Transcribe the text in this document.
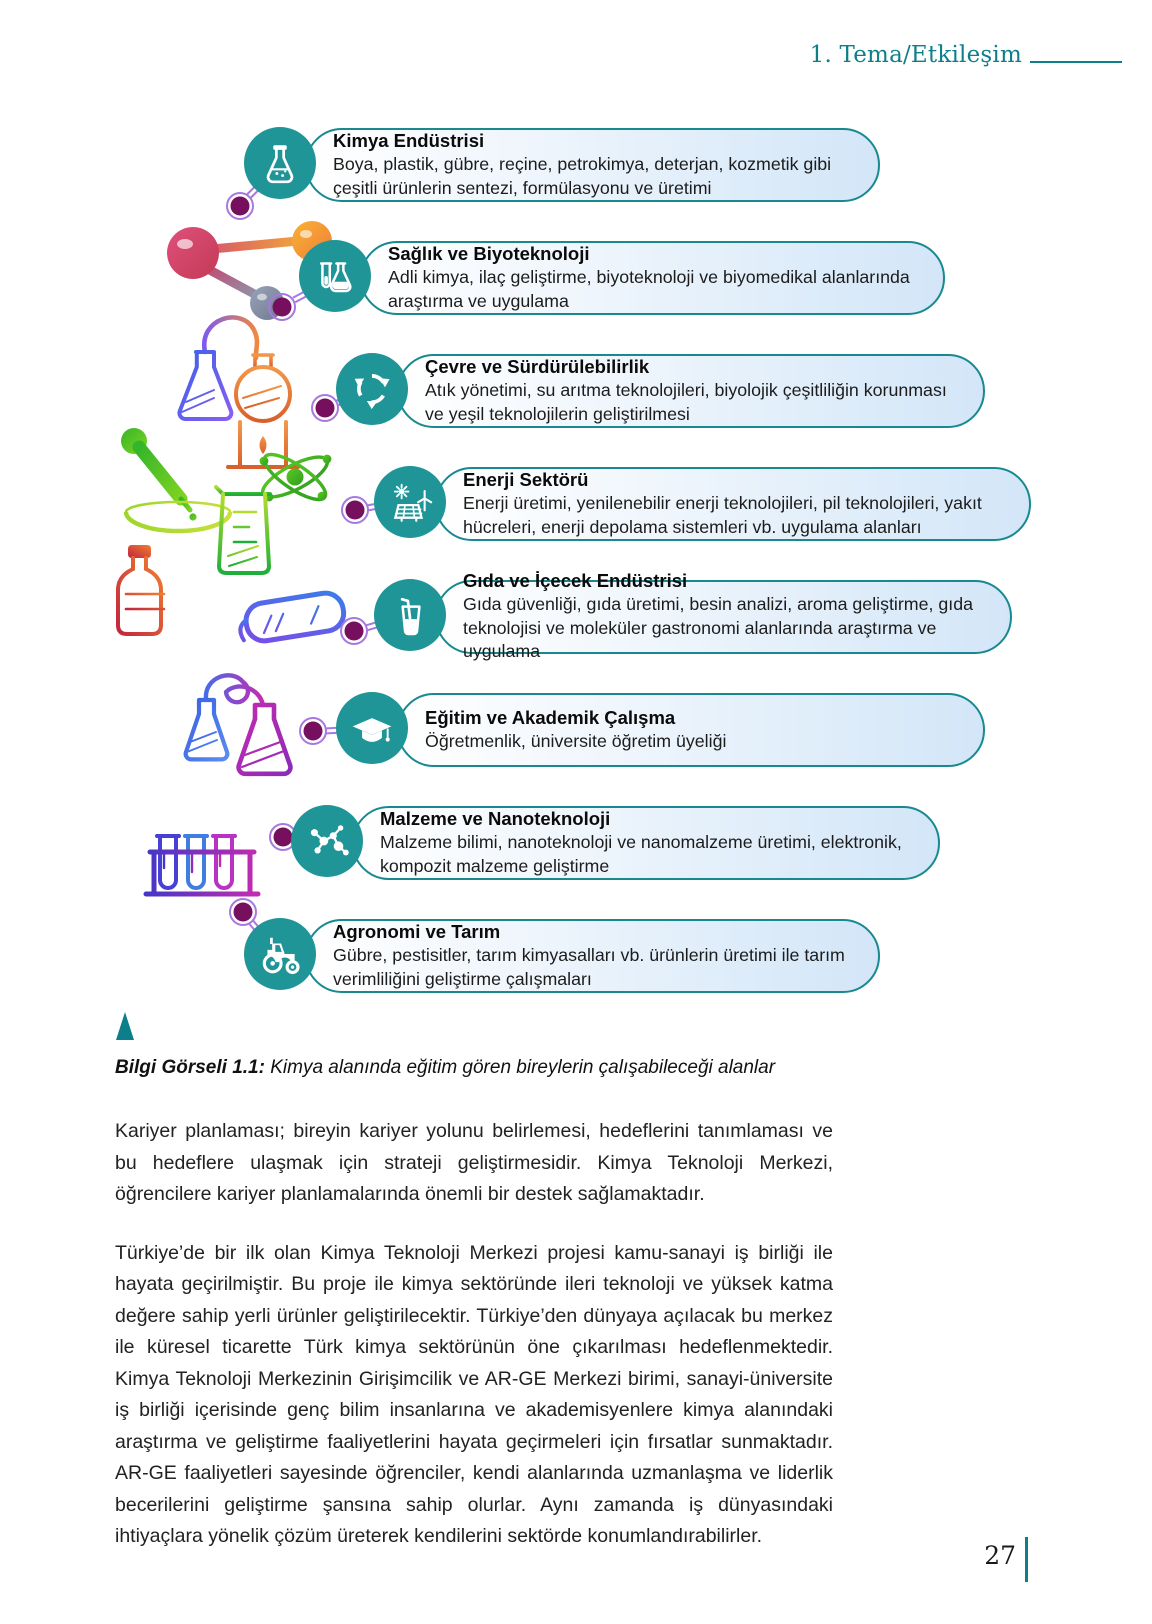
1. Tema/Etkileşim

Kimya Endüstrisi

Boya, plastik, gübre, reçine, petrokimya, deterjan, kozmetik gibi çeşitli ürünlerin sentezi, formülasyonu ve üretimi

Sağlık ve Biyoteknoloji

Adli kimya, ilaç geliştirme, biyoteknoloji ve biyomedikal alanlarında araştırma ve uygulama

Çevre ve Sürdürülebilirlik

Atık yönetimi, su arıtma teknolojileri, biyolojik çeşitliliğin korunması ve yeşil teknolojilerin geliştirilmesi

Enerji Sektörü

Enerji üretimi, yenilenebilir enerji teknolojileri, pil teknolojileri, yakıt hücreleri, enerji depolama sistemleri vb. uygulama alanları

Gıda ve İçecek Endüstrisi

Gıda güvenliği, gıda üretimi, besin analizi, aroma geliştirme, gıda teknolojisi ve moleküler gastronomi alanlarında araştırma ve uygulama

Eğitim ve Akademik Çalışma

Öğretmenlik, üniversite öğretim üyeliği

Malzeme ve Nanoteknoloji

Malzeme bilimi, nanoteknoloji ve nanomalzeme üretimi, elektronik, kompozit malzeme geliştirme

Agronomi ve Tarım

Gübre, pestisitler, tarım kimyasalları vb. ürünlerin üretimi ile tarım verimliliğini geliştirme çalışmaları

Bilgi Görseli 1.1: Kimya alanında eğitim gören bireylerin çalışabileceği alanlar

Kariyer planlaması; bireyin kariyer yolunu belirlemesi, hedeflerini tanımlaması ve bu hedeflere ulaşmak için strateji geliştirmesidir. Kimya Teknoloji Merkezi, öğrencilere kariyer planlamalarında önemli bir destek sağlamaktadır.

Türkiye’de bir ilk olan Kimya Teknoloji Merkezi projesi kamu-sanayi iş birliği ile hayata geçirilmiştir. Bu proje ile kimya sektöründe ileri teknoloji ve yüksek katma değere sahip yerli ürünler geliştirilecektir. Türkiye’den dünyaya açılacak bu merkez ile küresel ticarette Türk kimya sektörünün öne çıkarılması hedeflenmektedir. Kimya Teknoloji Merkezinin Girişimcilik ve AR-GE Merkezi birimi, sanayi-üniversite iş birliği içerisinde genç bilim insanlarına ve akademisyenlere kimya alanındaki araştırma ve geliştirme faaliyetlerini hayata geçirmeleri için fırsatlar sunmaktadır. AR-GE faaliyetleri sayesinde öğrenciler, kendi alanlarında uzmanlaşma ve liderlik becerilerini geliştirme şansına sahip olurlar. Aynı zamanda iş dünyasındaki ihtiyaçlara yönelik çözüm üreterek kendilerini sektörde konumlandırabilirler.

27
